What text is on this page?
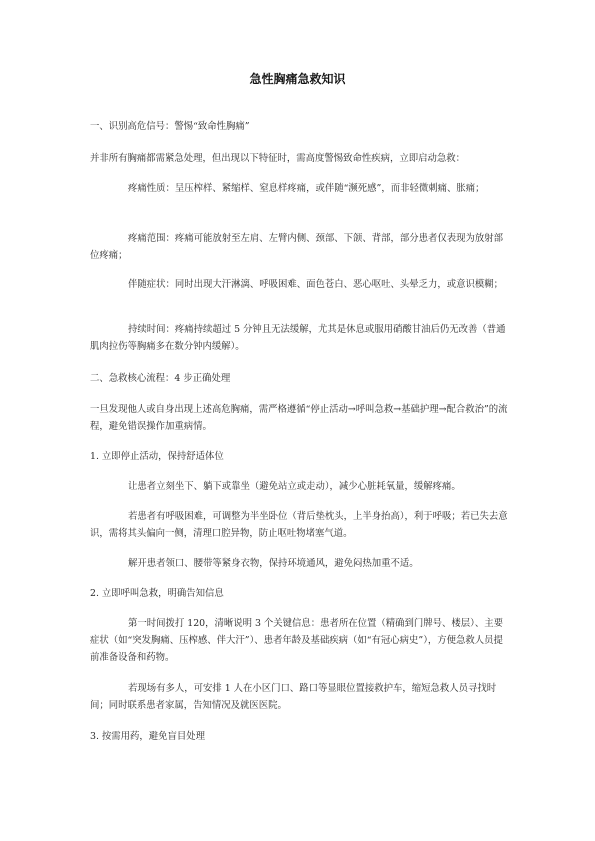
急性胸痛急救知识

一、识别高危信号：警惕“致命性胸痛”

并非所有胸痛都需紧急处理，但出现以下特征时，需高度警惕致命性疾病，立即启动急救：

疼痛性质：呈压榨样、紧缩样、窒息样疼痛，或伴随“濒死感”，而非轻微刺痛、胀痛；

疼痛范围：疼痛可能放射至左肩、左臂内侧、颈部、下颌、背部，部分患者仅表现为放射部位疼痛；

伴随症状：同时出现大汗淋漓、呼吸困难、面色苍白、恶心呕吐、头晕乏力，或意识模糊；

持续时间：疼痛持续超过 5 分钟且无法缓解，尤其是休息或服用硝酸甘油后仍无改善（普通肌肉拉伤等胸痛多在数分钟内缓解）。

二、急救核心流程：4 步正确处理

一旦发现他人或自身出现上述高危胸痛，需严格遵循“停止活动→呼叫急救→基础护理→配合救治”的流程，避免错误操作加重病情。

1. 立即停止活动，保持舒适体位

让患者立刻坐下、躺下或靠坐（避免站立或走动），减少心脏耗氧量，缓解疼痛。

若患者有呼吸困难，可调整为半坐卧位（背后垫枕头，上半身抬高），利于呼吸；若已失去意识，需将其头偏向一侧，清理口腔异物，防止呕吐物堵塞气道。

解开患者领口、腰带等紧身衣物，保持环境通风，避免闷热加重不适。

2. 立即呼叫急救，明确告知信息

第一时间拨打 120，清晰说明 3 个关键信息：患者所在位置（精确到门牌号、楼层）、主要症状（如“突发胸痛、压榨感、伴大汗”）、患者年龄及基础疾病（如“有冠心病史”），方便急救人员提前准备设备和药物。

若现场有多人，可安排 1 人在小区门口、路口等显眼位置接救护车，缩短急救人员寻找时间；同时联系患者家属，告知情况及就医医院。

3. 按需用药，避免盲目处理
